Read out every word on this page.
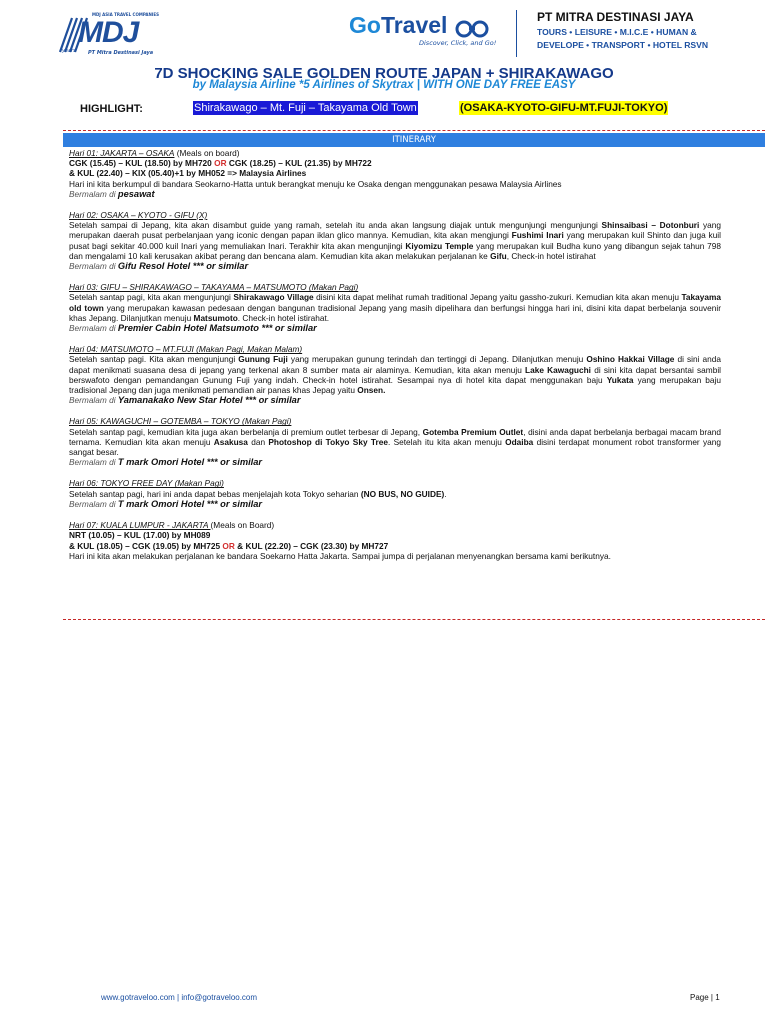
MDJ ASIA TRAVEL COMPANIES
MDJ
years PT Mitra Destinasi Jaya
GoTravel
Discover, Click, and Go!
PT MITRA DESTINASI JAYA
TOURS • LEISURE • M.I.C.E • HUMAN &
DEVELOPE • TRANSPORT • HOTEL RSVN
7D SHOCKING SALE GOLDEN ROUTE JAPAN + SHIRAKAWAGO
by Malaysia Airline *5 Airlines of Skytrax | WITH ONE DAY FREE EASY
HIGHLIGHT:	Shirakawago – Mt. Fuji – Takayama Old Town	(OSAKA-KYOTO-GIFU-MT.FUJI-TOKYO)
ITINERARY
Hari 01: JAKARTA – OSAKA (Meals on board)
CGK (15.45) – KUL (18.50) by MH720 OR CGK (18.25) – KUL (21.35) by MH722
& KUL (22.40) – KIX (05.40)+1 by MH052 => Malaysia Airlines
Hari ini kita berkumpul di bandara Seokarno-Hatta untuk berangkat menuju ke Osaka dengan menggunakan pesawa Malaysia Airlines
Bermalam di pesawat
Hari 02: OSAKA – KYOTO - GIFU (X)
Setelah sampai di Jepang, kita akan disambut guide yang ramah, setelah itu anda akan langsung diajak untuk mengunjungi mengunjungi Shinsaibasi – Dotonburi yang merupakan daerah pusat perbelanjaan yang iconic dengan papan iklan glico mannya. Kemudian, kita akan mengjungi Fushimi Inari yang merupakan kuil Shinto dan juga kuil pusat bagi sekitar 40.000 kuil Inari yang memuliakan Inari. Terakhir kita akan mengunjingi Kiyomizu Temple yang merupakan kuil Budha kuno yang dibangun sejak tahun 798 dan mengalami 10 kali kerusakan akibat perang dan bencana alam. Kemudian kita akan melakukan perjalanan ke Gifu, Check-in hotel istirahat
Bermalam di Gifu Resol Hotel *** or similar
Hari 03: GIFU – SHIRAKAWAGO – TAKAYAMA – MATSUMOTO (Makan Pagi)
Setelah santap pagi, kita akan mengunjungi Shirakawago Village disini kita dapat melihat rumah traditional Jepang yaitu gassho-zukuri. Kemudian kita akan menuju Takayama old town yang merupakan kawasan pedesaan dengan bangunan tradisional Jepang yang masih dipelihara dan berfungsi hingga hari ini, disini kita dapat berbelanja souvenir khas Jepang. Dilanjutkan menuju Matsumoto. Check-in hotel istirahat.
Bermalam di Premier Cabin Hotel Matsumoto *** or similar
Hari 04: MATSUMOTO – MT.FUJI (Makan Pagi, Makan Malam)
Setelah santap pagi. Kita akan mengunjungi Gunung Fuji yang merupakan gunung terindah dan tertinggi di Jepang. Dilanjutkan menuju Oshino Hakkai Village di sini anda dapat menikmati suasana desa di jepang yang terkenal akan 8 sumber mata air alaminya. Kemudian, kita akan menuju Lake Kawaguchi di sini kita dapat bersantai sambil berswafoto dengan pemandangan Gunung Fuji yang indah. Check-in hotel istirahat. Sesampai nya di hotel kita dapat menggunakan baju Yukata yang merupakan baju tradisional Jepang dan juga menikmati pemandian air panas khas Jepag yaitu Onsen.
Bermalam di Yamanakako New Star Hotel *** or similar
Hari 05: KAWAGUCHI – GOTEMBA – TOKYO (Makan Pagi)
Setelah santap pagi, kemudian kita juga akan berbelanja di premium outlet terbesar di Jepang, Gotemba Premium Outlet, disini anda dapat berbelanja berbagai macam brand ternama. Kemudian kita akan menuju Asakusa dan Photoshop di Tokyo Sky Tree. Setelah itu kita akan menuju Odaiba disini terdapat monument robot transformer yang sangat besar.
Bermalam di T mark Omori Hotel *** or similar
Hari 06: TOKYO FREE DAY (Makan Pagi)
Setelah santap pagi, hari ini anda dapat bebas menjelajah kota Tokyo seharian (NO BUS, NO GUIDE).
Bermalam di T mark Omori Hotel *** or similar
Hari 07: KUALA LUMPUR - JAKARTA (Meals on Board)
NRT (10.05) – KUL (17.00) by MH089
& KUL (18.05) – CGK (19.05) by MH725 OR & KUL (22.20) – CGK (23.30) by MH727
Hari ini kita akan melakukan perjalanan ke bandara Soekarno Hatta Jakarta. Sampai jumpa di perjalanan menyenangkan bersama kami berikutnya.
www.gotraveloo.com | info@gotraveloo.com	Page | 1
